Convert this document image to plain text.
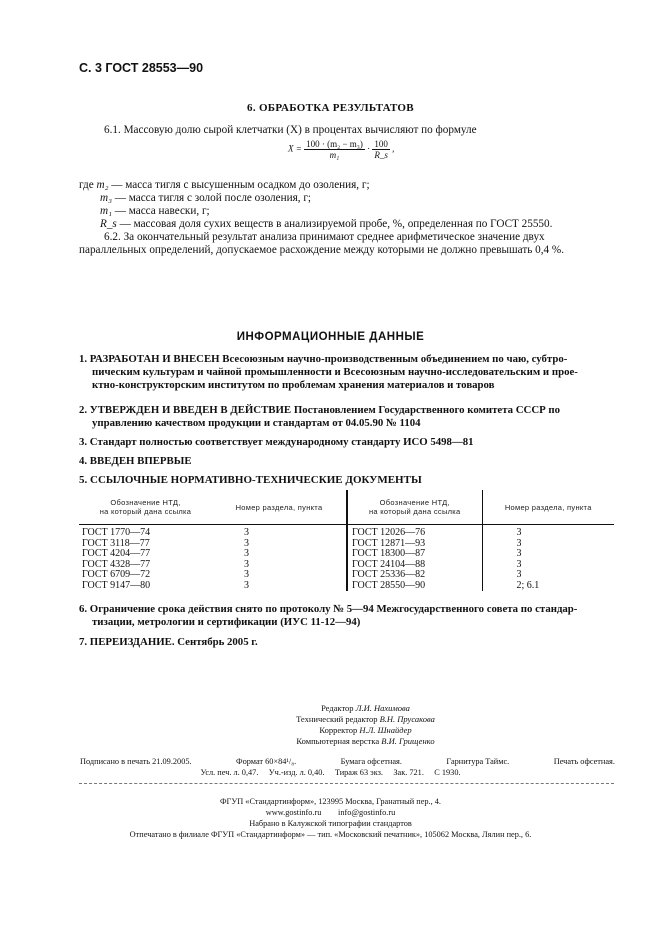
С. 3 ГОСТ 28553—90
6. ОБРАБОТКА РЕЗУЛЬТАТОВ
6.1. Массовую долю сырой клетчатки (X) в процентах вычисляют по формуле
$X = \frac{\text{100 · (m₂ − m₃)}}{\text{m₁}} \cdot \frac{100}{R\_s}$ ,
где m₂ — масса тигля с высушенным осадком до озоления, г;
m₃ — масса тигля с золой после озоления, г;
m₁ — масса навески, г;
R_s — массовая доля сухих веществ в анализируемой пробе, %, определенная по ГОСТ 25550.
6.2. За окончательный результат анализа принимают среднее арифметическое значение двух
параллельных определений, допускаемое расхождение между которыми не должно превышать 0,4 %.
ИНФОРМАЦИОННЫЕ ДАННЫЕ
1. РАЗРАБОТАН И ВНЕСЕН Всесоюзным научно-производственным объединением по чаю, субтро-
пическим культурам и чайной промышленности и Всесоюзным научно-исследовательским и прое-
ктно-конструкторским институтом по проблемам хранения материалов и товаров
2. УТВЕРЖДЕН И ВВЕДЕН В ДЕЙСТВИЕ Постановлением Государственного комитета СССР по
управлению качеством продукции и стандартам от 04.05.90 № 1104
3. Стандарт полностью соответствует международному стандарту ИСО 5498—81
4. ВВЕДЕН ВПЕРВЫЕ
5. ССЫЛОЧНЫЕ НОРМАТИВНО-ТЕХНИЧЕСКИЕ ДОКУМЕНТЫ
Обозначение НТД,
на который дана ссылка	Номер раздела, пункта	Обозначение НТД,
на который дана ссылка	Номер раздела, пункта
ГОСТ 1770—74	3	ГОСТ 12026—76	3
ГОСТ 3118—77	3	ГОСТ 12871—93	3
ГОСТ 4204—77	3	ГОСТ 18300—87	3
ГОСТ 4328—77	3	ГОСТ 24104—88	3
ГОСТ 6709—72	3	ГОСТ 25336—82	3
ГОСТ 9147—80	3	ГОСТ 28550—90	2; 6.1
6. Ограничение срока действия снято по протоколу № 5—94 Межгосударственного совета по стандар-
тизации, метрологии и сертификации (ИУС 11-12—94)
7. ПЕРЕИЗДАНИЕ. Сентябрь 2005 г.
Редактор Л.И. Нахимова
Технический редактор В.Н. Прусакова
Корректор Н.Л. Шнайдер
Компьютерная верстка В.И. Грищенко
Подписано в печать 21.09.2005.	Формат 60×84¹/₈.	Бумага офсетная.	Гарнитура Таймс.	Печать офсетная.
Усл. печ. л. 0,47.     Уч.-изд. л. 0,40.     Тираж 63 экз.     Зак. 721.     С 1930.
ФГУП «Стандартинформ», 123995 Москва, Гранатный пер., 4.
www.gostinfo.ru info@gostinfo.ru
Набрано в Калужской типографии стандартов
Отпечатано в филиале ФГУП «Стандартинформ» — тип. «Московский печатник», 105062 Москва, Лялин пер., 6.
